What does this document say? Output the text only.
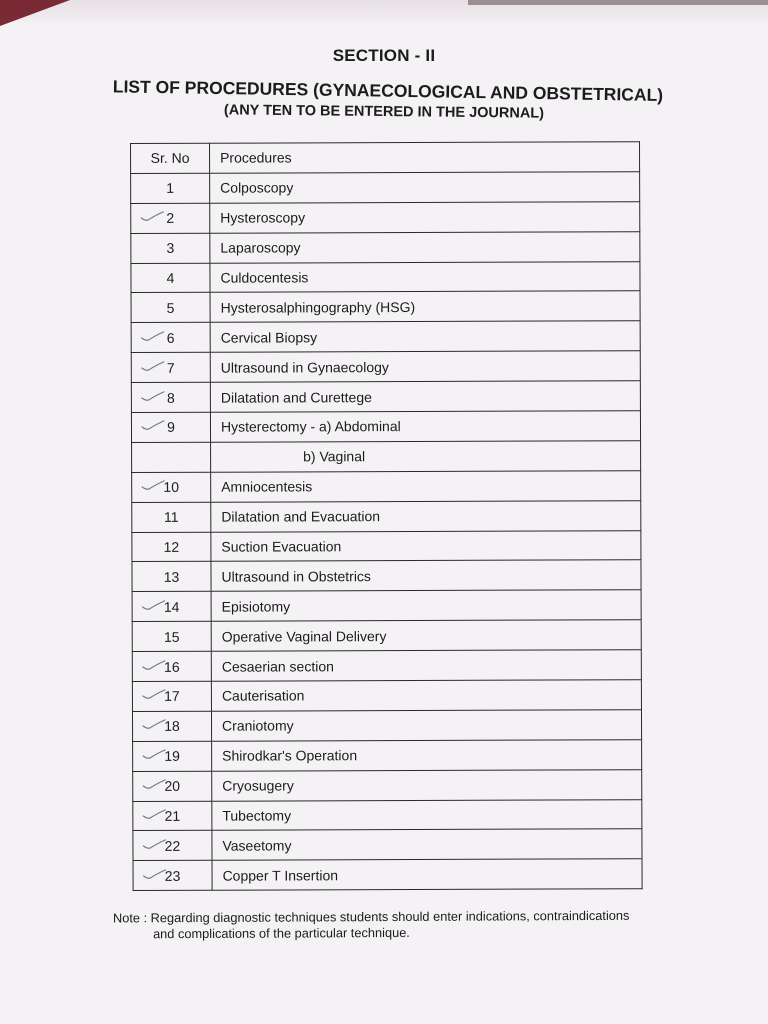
SECTION - II
LIST OF PROCEDURES (GYNAECOLOGICAL AND OBSTETRICAL)
(ANY TEN TO BE ENTERED IN THE JOURNAL)
Sr. No	Procedures
1	Colposcopy

2	Hysteroscopy
3	Laparoscopy
4	Culdocentesis
5	Hysterosalphingography (HSG)

6	Cervical Biopsy

7	Ultrasound in Gynaecology

8	Dilatation and Curettege

9	Hysterectomy - a) Abdominal
	b) Vaginal

10	Amniocentesis
11	Dilatation and Evacuation
12	Suction Evacuation
13	Ultrasound in Obstetrics

14	Episiotomy
15	Operative Vaginal Delivery

16	Cesaerian section

17	Cauterisation

18	Craniotomy

19	Shirodkar's Operation

20	Cryosugery

21	Tubectomy

22	Vaseetomy

23	Copper T Insertion
Note : Regarding diagnostic techniques students should enter indications, contraindications
and complications of the particular technique.
